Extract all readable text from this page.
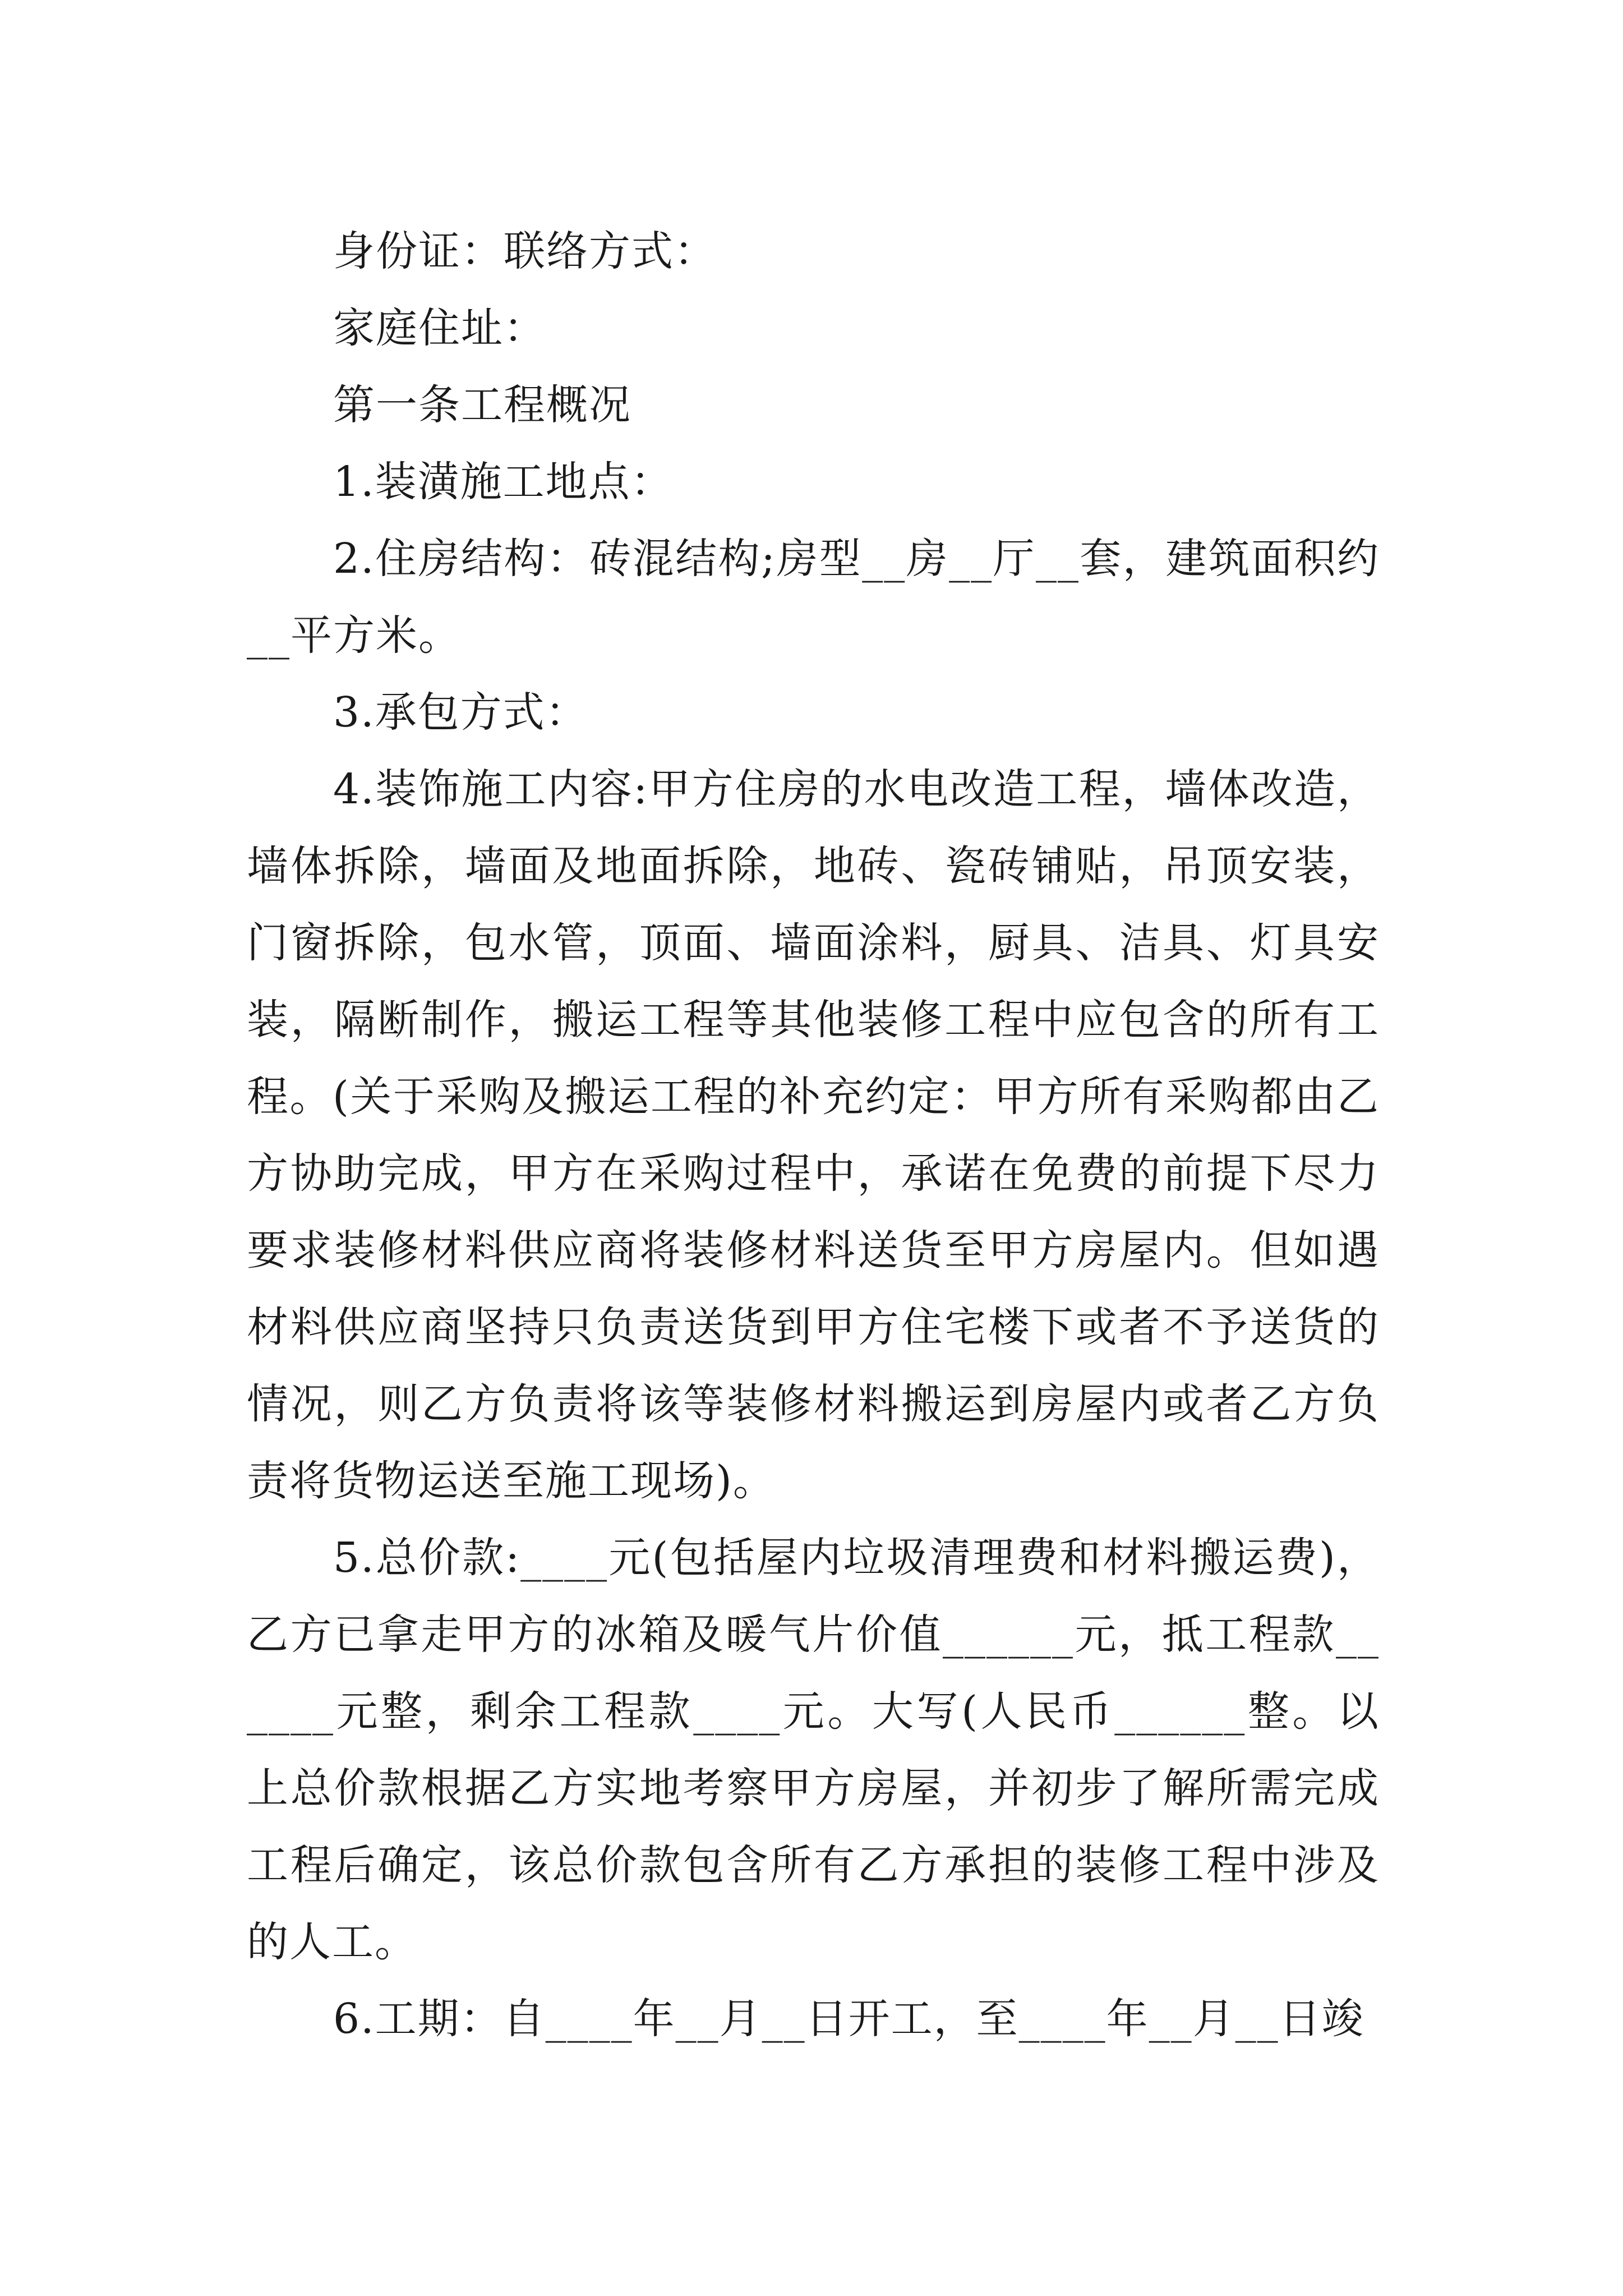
身份证：联络方式：

家庭住址：

第一条工程概况

1.装潢施工地点：

2.住房结构：砖混结构;房型__房__厅__套，建筑面积约__平方米。

3.承包方式：

4.装饰施工内容:甲方住房的水电改造工程，墙体改造，墙体拆除，墙面及地面拆除，地砖、瓷砖铺贴，吊顶安装，门窗拆除，包水管，顶面、墙面涂料，厨具、洁具、灯具安装，隔断制作，搬运工程等其他装修工程中应包含的所有工程。(关于采购及搬运工程的补充约定：甲方所有采购都由乙方协助完成，甲方在采购过程中，承诺在免费的前提下尽力要求装修材料供应商将装修材料送货至甲方房屋内。但如遇材料供应商坚持只负责送货到甲方住宅楼下或者不予送货的情况，则乙方负责将该等装修材料搬运到房屋内或者乙方负责将货物运送至施工现场)。

5.总价款:____元(包括屋内垃圾清理费和材料搬运费)，乙方已拿走甲方的冰箱及暖气片价值______元，抵工程款______元整，剩余工程款____元。大写(人民币______整。以上总价款根据乙方实地考察甲方房屋，并初步了解所需完成工程后确定，该总价款包含所有乙方承担的装修工程中涉及的人工。

6.工期：自____年__月__日开工，至____年__月__日竣
